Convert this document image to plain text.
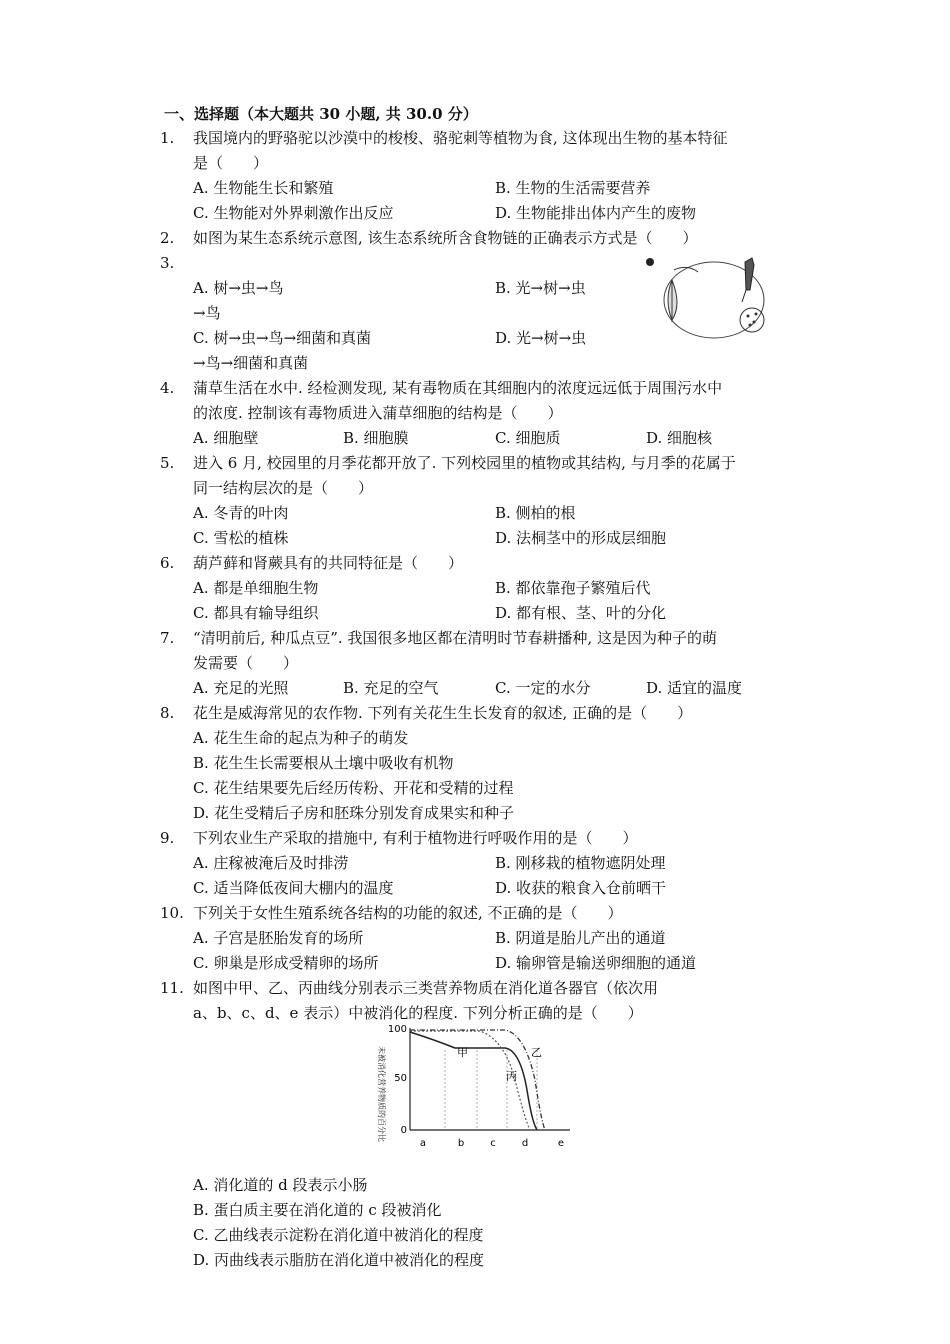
一、选择题（本大题共 30 小题, 共 30.0 分）
1. 我国境内的野骆驼以沙漠中的梭梭、骆驼刺等植物为食, 这体现出生物的基本特征
是（　　）
A. 生物能生长和繁殖	B. 生物的生活需要营养
C. 生物能对外界刺激作出反应	D. 生物能排出体内产生的废物
2. 如图为某生态系统示意图, 该生态系统所含食物链的正确表示方式是（　　）
3.
A. 树→虫→鸟	B. 光→树→虫
→鸟
C. 树→虫→鸟→细菌和真菌	D. 光→树→虫
→鸟→细菌和真菌
4. 蒲草生活在水中. 经检测发现, 某有毒物质在其细胞内的浓度远远低于周围污水中
的浓度. 控制该有毒物质进入蒲草细胞的结构是（　　）
A. 细胞壁	B. 细胞膜	C. 细胞质	D. 细胞核
5. 进入 6 月, 校园里的月季花都开放了. 下列校园里的植物或其结构, 与月季的花属于
同一结构层次的是（　　）
A. 冬青的叶肉	B. 侧柏的根
C. 雪松的植株	D. 法桐茎中的形成层细胞
6. 葫芦藓和肾蕨具有的共同特征是（　　）
A. 都是单细胞生物	B. 都依靠孢子繁殖后代
C. 都具有输导组织	D. 都有根、茎、叶的分化
7. “清明前后, 种瓜点豆”. 我国很多地区都在清明时节春耕播种, 这是因为种子的萌
发需要（　　）
A. 充足的光照	B. 充足的空气	C. 一定的水分	D. 适宜的温度
8. 花生是威海常见的农作物. 下列有关花生生长发育的叙述, 正确的是（　　）
A. 花生生命的起点为种子的萌发
B. 花生生长需要根从土壤中吸收有机物
C. 花生结果要先后经历传粉、开花和受精的过程
D. 花生受精后子房和胚珠分别发育成果实和种子
9. 下列农业生产采取的措施中, 有利于植物进行呼吸作用的是（　　）
A. 庄稼被淹后及时排涝	B. 刚移栽的植物遮阴处理
C. 适当降低夜间大棚内的温度	D. 收获的粮食入仓前晒干
10. 下列关于女性生殖系统各结构的功能的叙述, 不正确的是（　　）
A. 子宫是胚胎发育的场所	B. 阴道是胎儿产出的通道
C. 卵巢是形成受精卵的场所	D. 输卵管是输送卵细胞的通道
11. 如图中甲、乙、丙曲线分别表示三类营养物质在消化道各器官（依次用
a、b、c、d、e 表示）中被消化的程度. 下列分析正确的是（　　）
未被消化营养物质的百分比
100
50
0
a	b	c	d	e
甲	乙
丙
A. 消化道的 d 段表示小肠
B. 蛋白质主要在消化道的 c 段被消化
C. 乙曲线表示淀粉在消化道中被消化的程度
D. 丙曲线表示脂肪在消化道中被消化的程度
